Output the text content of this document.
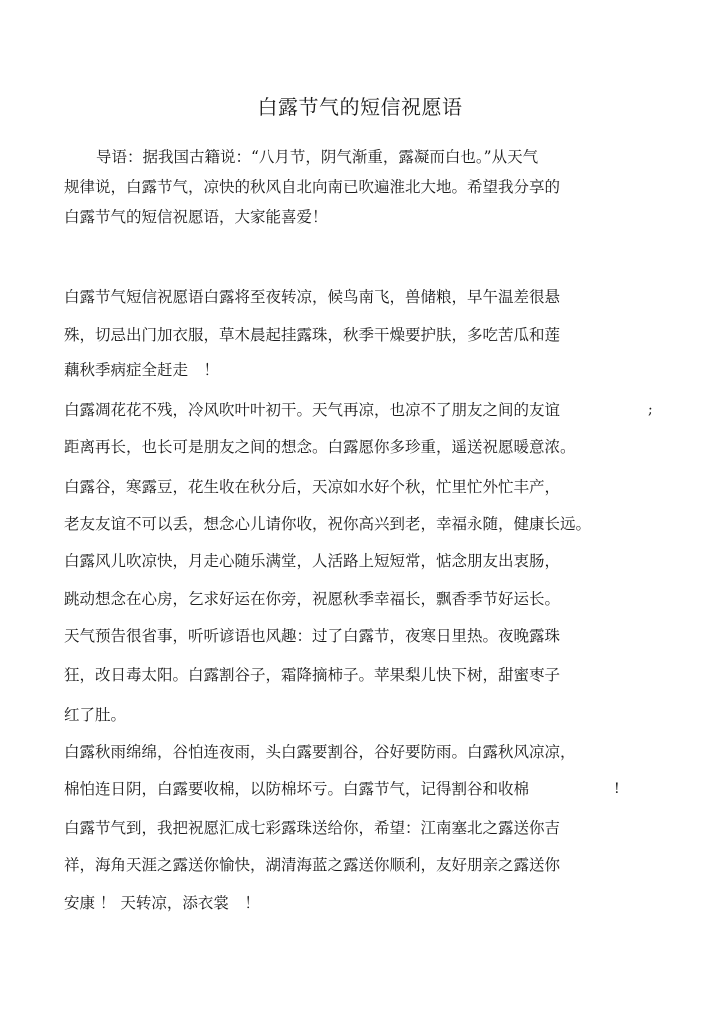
白露节气的短信祝愿语
导语：据我国古籍说：“八月节，阴气渐重，露凝而白也。”从天气
规律说，白露节气，凉快的秋风自北向南已吹遍淮北大地。希望我分享的
白露节气的短信祝愿语，大家能喜爱！
白露节气短信祝愿语白露将至夜转凉，候鸟南飞，兽储粮，早午温差很悬
殊，切忌出门加衣服，草木晨起挂露珠，秋季干燥要护肤，多吃苦瓜和莲
藕秋季病症全赶走　！
白露凋花花不残，冷风吹叶叶初干。天气再凉，也凉不了朋友之间的友谊
距离再长，也长可是朋友之间的想念。白露愿你多珍重，遥送祝愿暖意浓。
白露谷，寒露豆，花生收在秋分后，天凉如水好个秋，忙里忙外忙丰产，
老友友谊不可以丢，想念心儿请你收，祝你高兴到老，幸福永随，健康长远。
白露风儿吹凉快，月走心随乐满堂，人活路上短短常，惦念朋友出衷肠，
跳动想念在心房，乞求好运在你旁，祝愿秋季幸福长，飘香季节好运长。
天气预告很省事，听听谚语也风趣：过了白露节，夜寒日里热。夜晚露珠
狂，改日毒太阳。白露割谷子，霜降摘柿子。苹果梨儿快下树，甜蜜枣子
红了肚。
白露秋雨绵绵，谷怕连夜雨，头白露要割谷，谷好要防雨。白露秋风凉凉，
棉怕连日阴，白露要收棉，以防棉坏亏。白露节气，记得割谷和收棉
白露节气到，我把祝愿汇成七彩露珠送给你，希望：江南塞北之露送你吉
祥，海角天涯之露送你愉快，湖清海蓝之露送你顺利，友好朋亲之露送你
安康 ！ 天转凉，添衣裳　！
;
!
